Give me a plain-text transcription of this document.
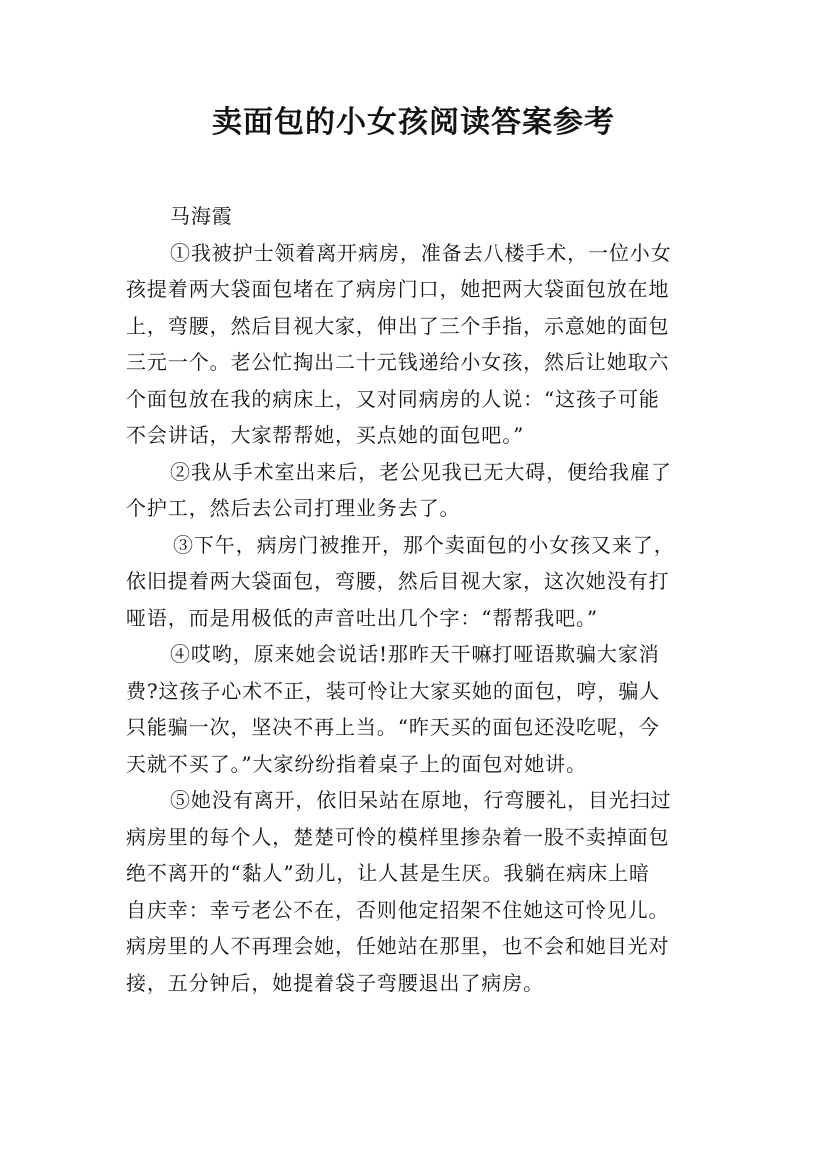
卖面包的小女孩阅读答案参考
马海霞
①我被护士领着离开病房，准备去八楼手术，一位小女
孩提着两大袋面包堵在了病房门口，她把两大袋面包放在地
上，弯腰，然后目视大家，伸出了三个手指，示意她的面包
三元一个。老公忙掏出二十元钱递给小女孩，然后让她取六
个面包放在我的病床上，又对同病房的人说：“这孩子可能
不会讲话，大家帮帮她，买点她的面包吧。”
②我从手术室出来后，老公见我已无大碍，便给我雇了
个护工，然后去公司打理业务去了。
③下午，病房门被推开，那个卖面包的小女孩又来了，
依旧提着两大袋面包，弯腰，然后目视大家，这次她没有打
哑语，而是用极低的声音吐出几个字：“帮帮我吧。”
④哎哟，原来她会说话!那昨天干嘛打哑语欺骗大家消
费?这孩子心术不正，装可怜让大家买她的面包，哼，骗人
只能骗一次，坚决不再上当。“昨天买的面包还没吃呢，今
天就不买了。”大家纷纷指着桌子上的面包对她讲。
⑤她没有离开，依旧呆站在原地，行弯腰礼，目光扫过
病房里的每个人，楚楚可怜的模样里掺杂着一股不卖掉面包
绝不离开的“黏人”劲儿，让人甚是生厌。我躺在病床上暗
自庆幸：幸亏老公不在，否则他定招架不住她这可怜见儿。
病房里的人不再理会她，任她站在那里，也不会和她目光对
接，五分钟后，她提着袋子弯腰退出了病房。
